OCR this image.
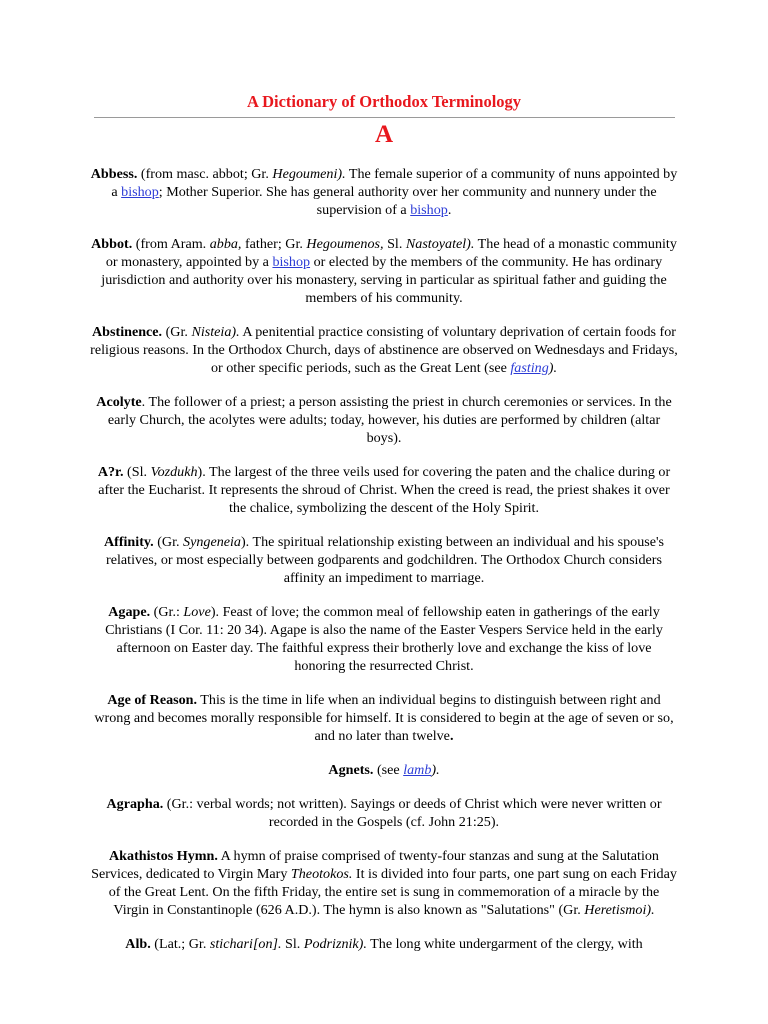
A Dictionary of Orthodox Terminology
A

Abbess. (from masc. abbot; Gr. Hegoumeni). The female superior of a community of nuns appointed by a bishop; Mother Superior. She has general authority over her community and nunnery under the supervision of a bishop.

Abbot. (from Aram. abba, father; Gr. Hegoumenos, Sl. Nastoyatel). The head of a monastic community or monastery, appointed by a bishop or elected by the members of the community. He has ordinary jurisdiction and authority over his monastery, serving in particular as spiritual father and guiding the members of his community.

Abstinence. (Gr. Nisteia). A penitential practice consisting of voluntary deprivation of certain foods for religious reasons. In the Orthodox Church, days of abstinence are observed on Wednesdays and Fridays, or other specific periods, such as the Great Lent (see fasting).

Acolyte. The follower of a priest; a person assisting the priest in church ceremonies or services. In the early Church, the acolytes were adults; today, however, his duties are performed by children (altar boys).

A?r. (Sl. Vozdukh). The largest of the three veils used for covering the paten and the chalice during or after the Eucharist. It represents the shroud of Christ. When the creed is read, the priest shakes it over the chalice, symbolizing the descent of the Holy Spirit.

Affinity. (Gr. Syngeneia). The spiritual relationship existing between an individual and his spouse's relatives, or most especially between godparents and godchildren. The Orthodox Church considers affinity an impediment to marriage.

Agape. (Gr.: Love). Feast of love; the common meal of fellowship eaten in gatherings of the early Christians (I Cor. 11: 20 34). Agape is also the name of the Easter Vespers Service held in the early afternoon on Easter day. The faithful express their brotherly love and exchange the kiss of love honoring the resurrected Christ.

Age of Reason. This is the time in life when an individual begins to distinguish between right and wrong and becomes morally responsible for himself. It is considered to begin at the age of seven or so, and no later than twelve.

Agnets. (see lamb).

Agrapha. (Gr.: verbal words; not written). Sayings or deeds of Christ which were never written or recorded in the Gospels (cf. John 21:25).

Akathistos Hymn. A hymn of praise comprised of twenty-four stanzas and sung at the Salutation Services, dedicated to Virgin Mary Theotokos. It is divided into four parts, one part sung on each Friday of the Great Lent. On the fifth Friday, the entire set is sung in commemoration of a miracle by the Virgin in Constantinople (626 A.D.). The hymn is also known as "Salutations" (Gr. Heretismoi).

Alb. (Lat.; Gr. stichari[on]. Sl. Podriznik). The long white undergarment of the clergy, with
